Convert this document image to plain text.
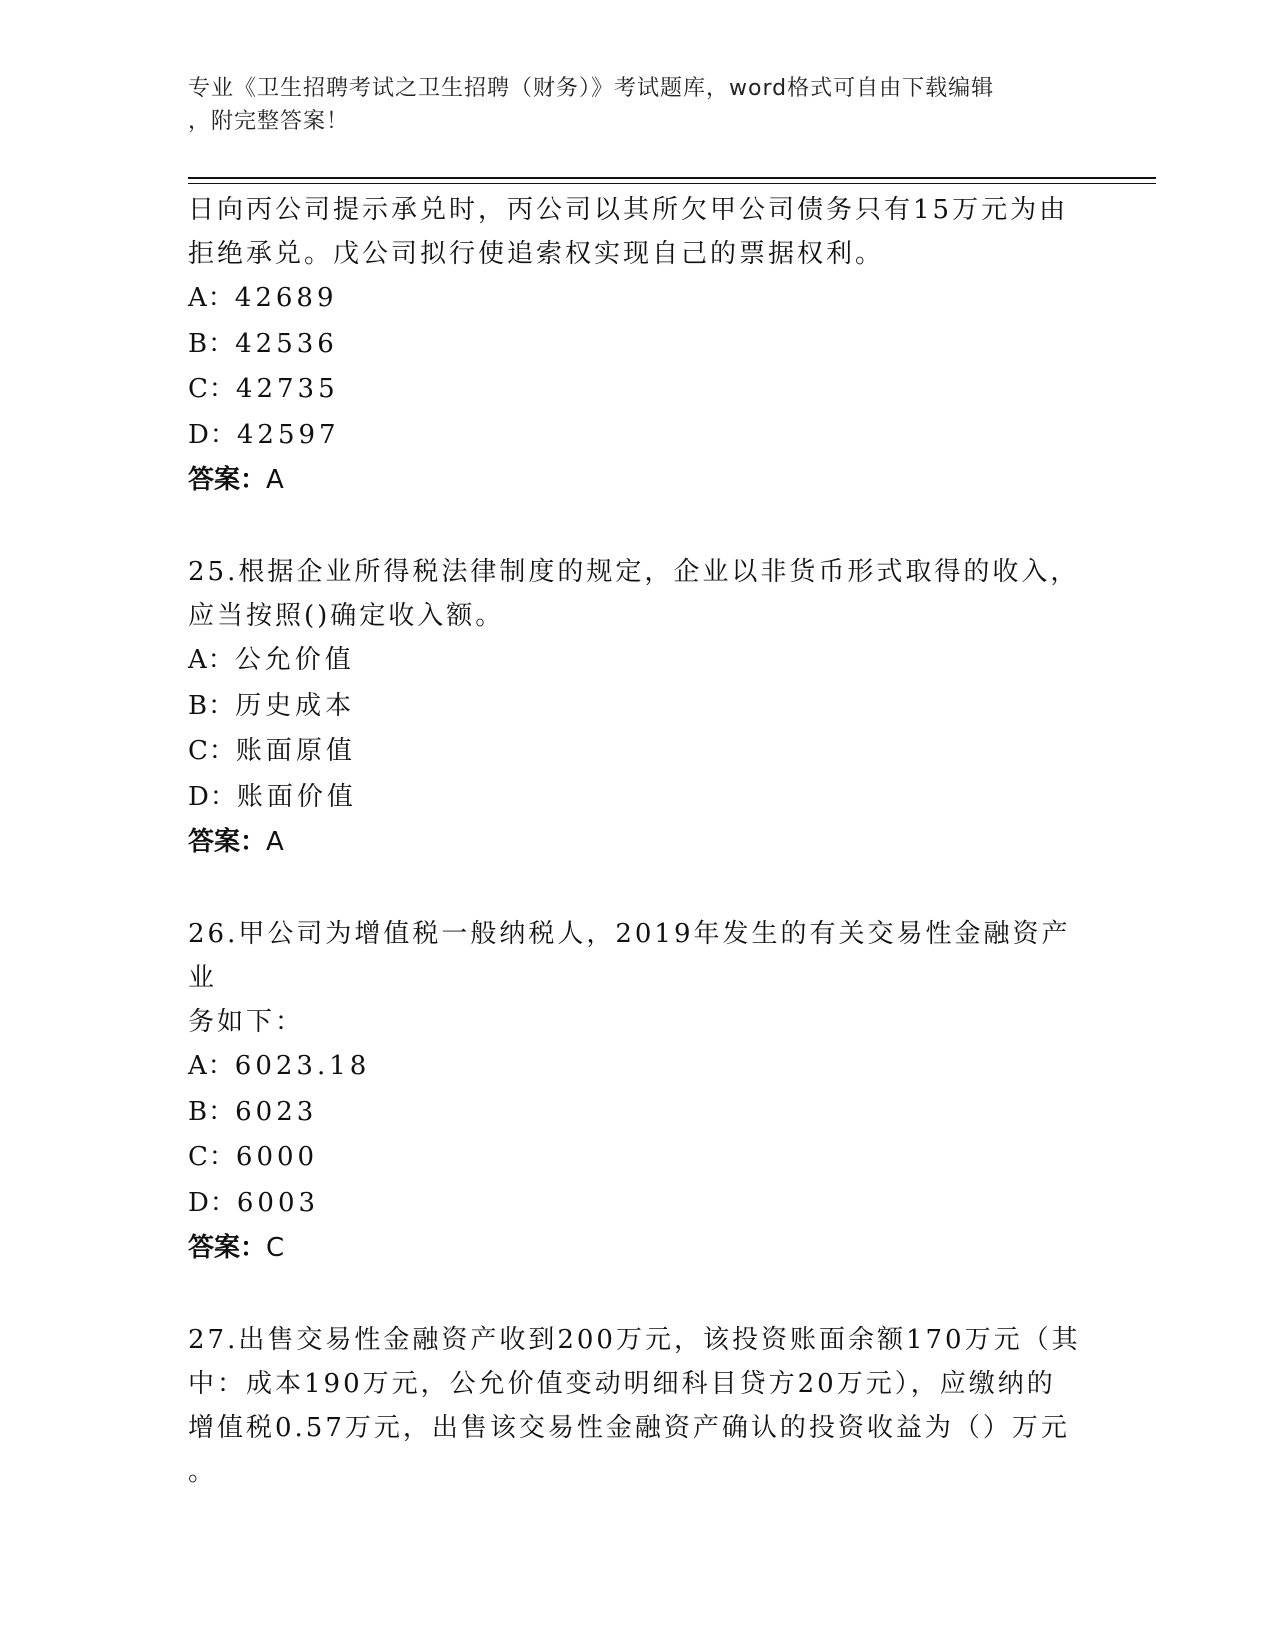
专业《卫生招聘考试之卫生招聘（财务）》考试题库，word格式可自由下载编辑
，附完整答案！

日向丙公司提示承兑时，丙公司以其所欠甲公司债务只有15万元为由

拒绝承兑。戊公司拟行使追索权实现自己的票据权利。

A：42689

B：42536

C：42735

D：42597

答案：A

25.根据企业所得税法律制度的规定，企业以非货币形式取得的收入，

应当按照()确定收入额。

A：公允价值

B：历史成本

C：账面原值

D：账面价值

答案：A

26.甲公司为增值税一般纳税人，2019年发生的有关交易性金融资产业

务如下：

A：6023.18

B：6023

C：6000

D：6003

答案：C

27.出售交易性金融资产收到200万元，该投资账面余额170万元（其

中：成本190万元，公允价值变动明细科目贷方20万元），应缴纳的

增值税0.57万元，出售该交易性金融资产确认的投资收益为（）万元

。
